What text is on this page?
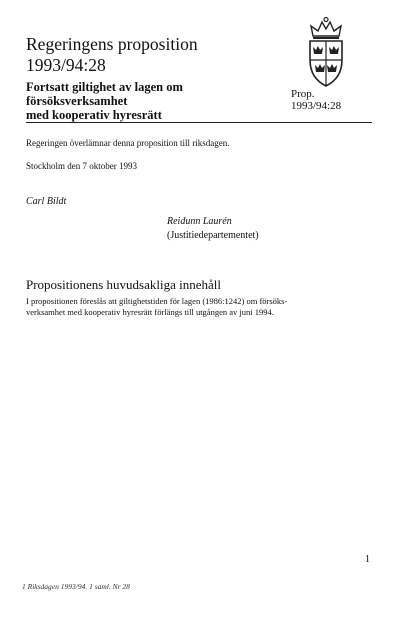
Regeringens proposition
1993/94:28
Fortsatt giltighet av lagen om försöksverksamhet
med kooperativ hyresrätt
Prop.
1993/94:28
Regeringen överlämnar denna proposition till riksdagen.
Stockholm den 7 oktober 1993
Carl Bildt
Reidunn Laurén
(Justitiedepartementet)
Propositionens huvudsakliga innehåll
I propositionen föreslås att giltighetstiden för lagen (1986:1242) om försöks-
verksamhet med kooperativ hyresrätt förlängs till utgången av juni 1994.
1
1 Riksdagen 1993/94. 1 saml. Nr 28
